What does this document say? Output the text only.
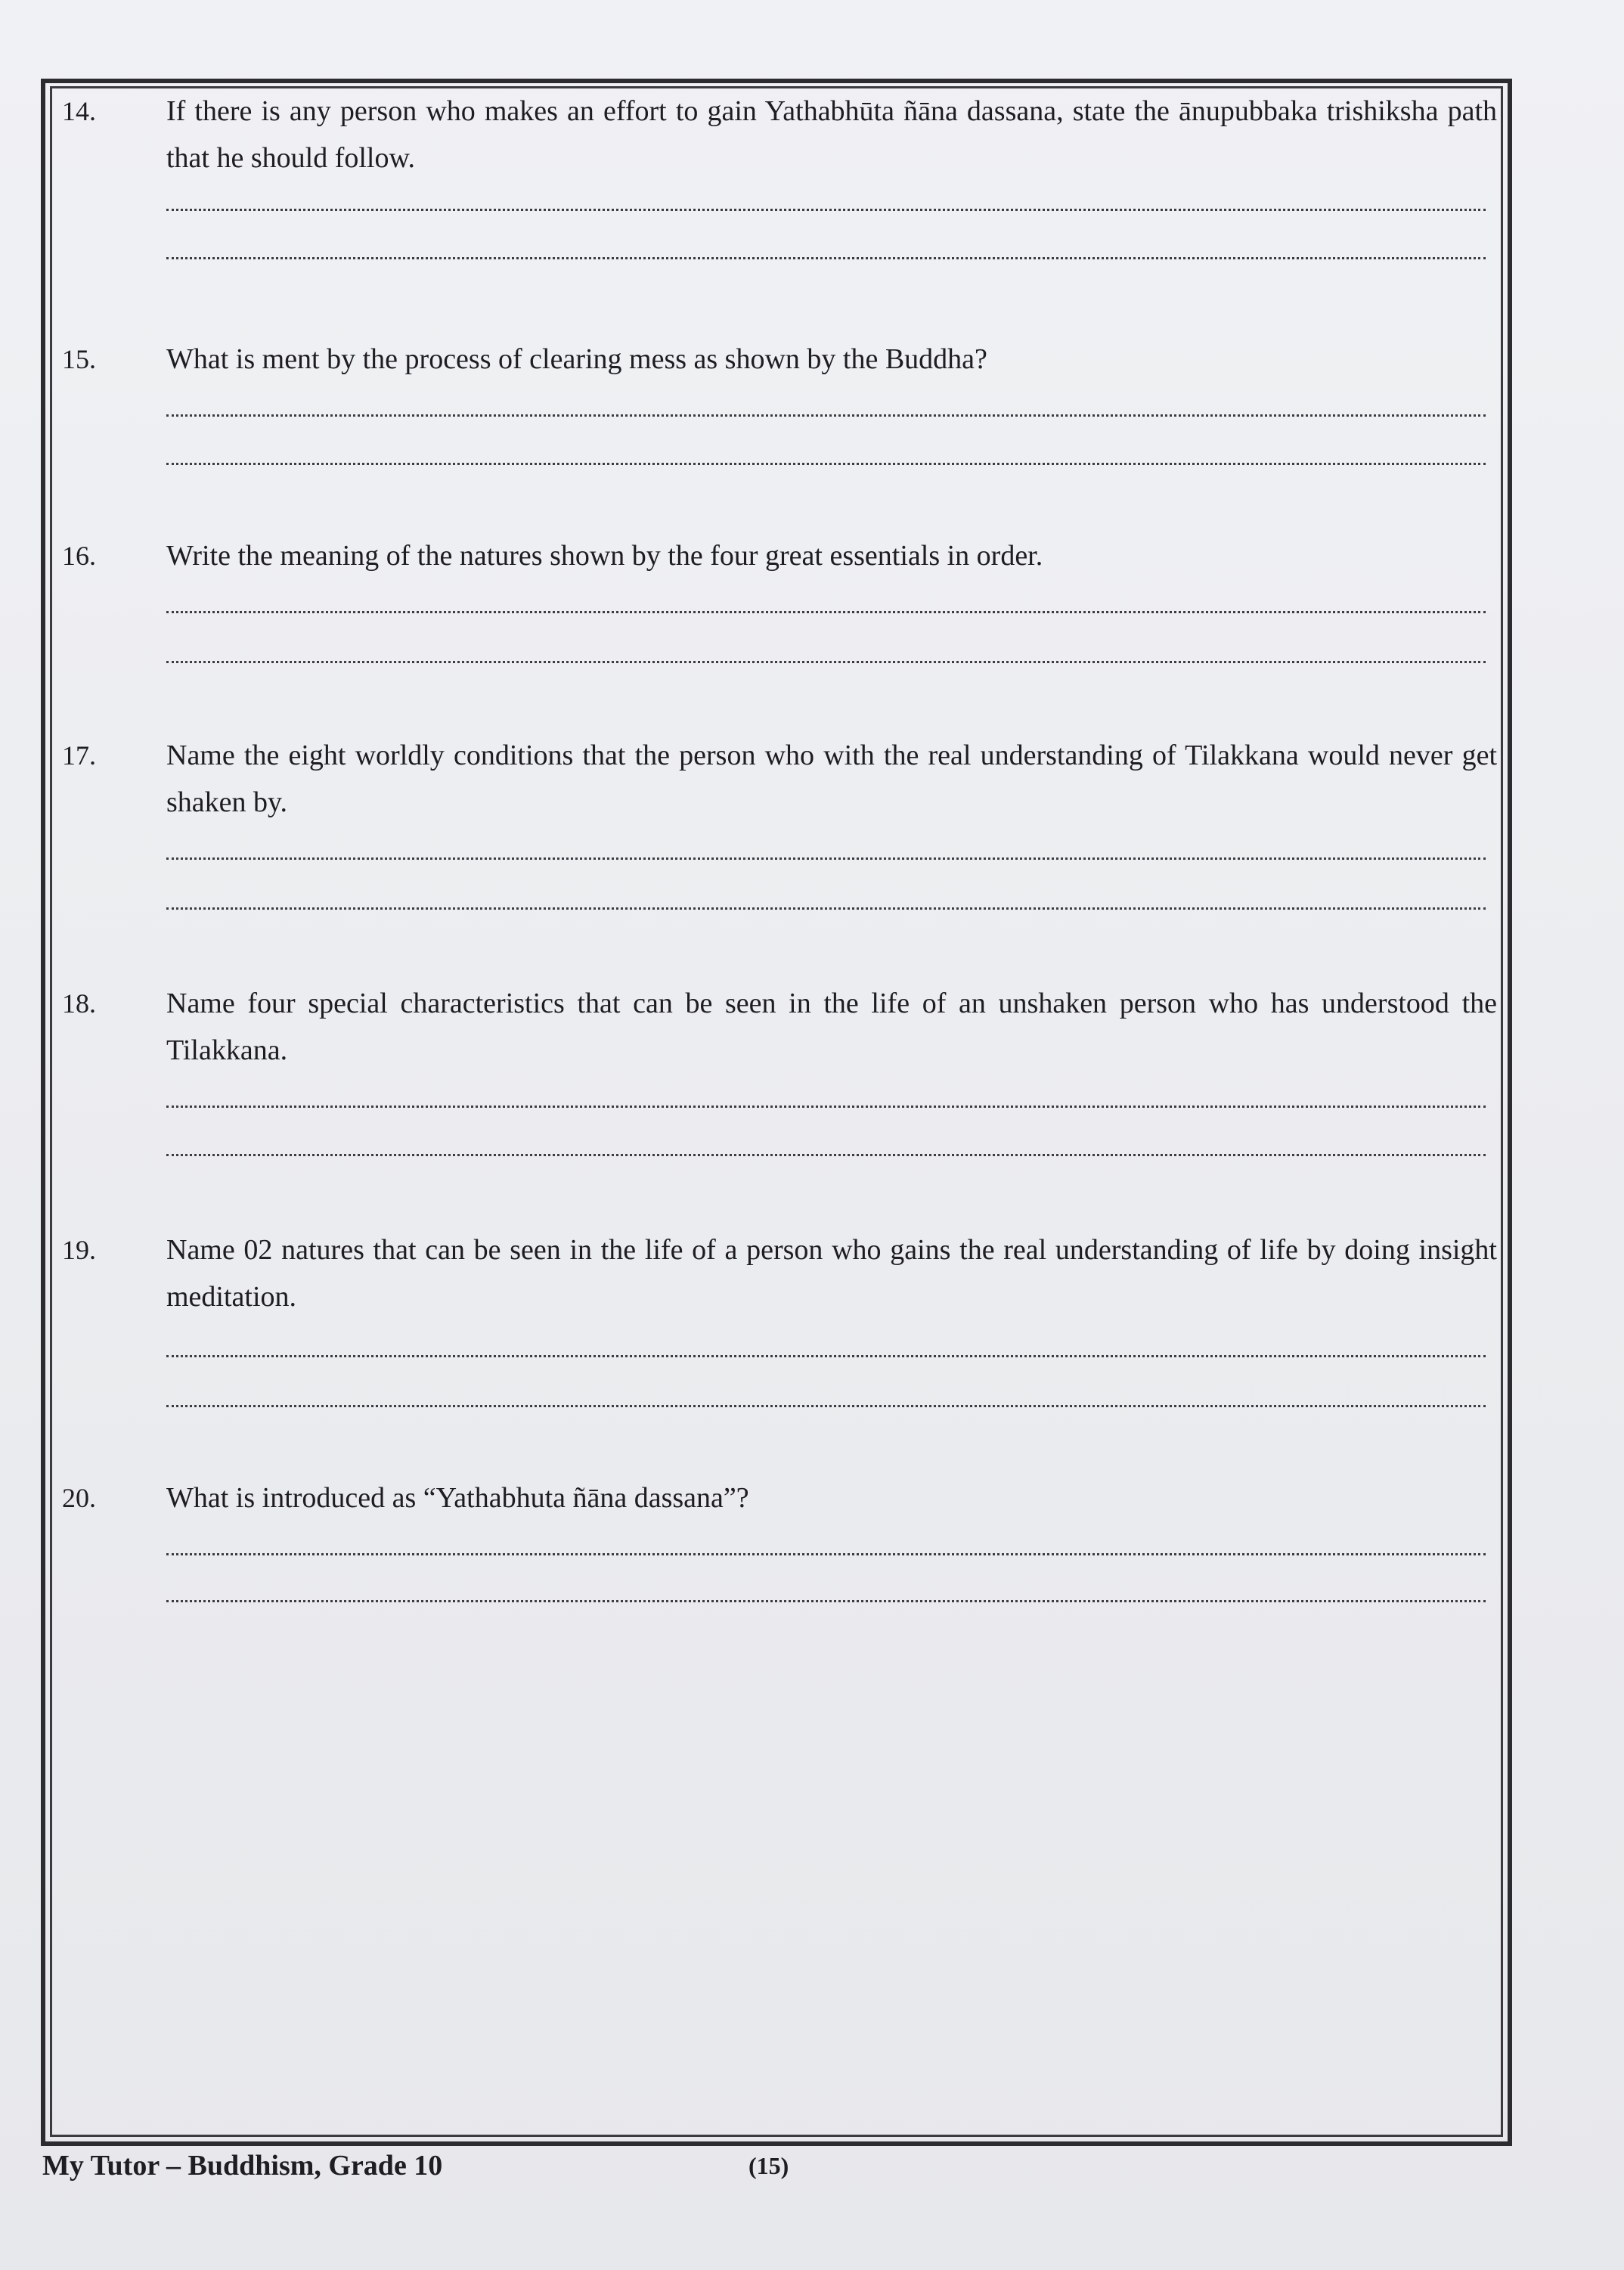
14. If there is any person who makes an effort to gain Yathabhūta ñāna dassana, state the ānupubbaka trishiksha path that he should follow.
15. What is ment by the process of clearing mess as shown by the Buddha?
16. Write the meaning of the natures shown by the four great essentials in order.
17. Name the eight worldly conditions that the person who with the real understanding of Tilakkana would never get shaken by.
18. Name four special characteristics that can be seen in the life of an unshaken person who has understood the Tilakkana.
19. Name 02 natures that can be seen in the life of a person who gains the real understanding of life by doing insight meditation.
20. What is introduced as “Yathabhuta ñāna dassana”?
My Tutor – Buddhism, Grade 10	(15)
